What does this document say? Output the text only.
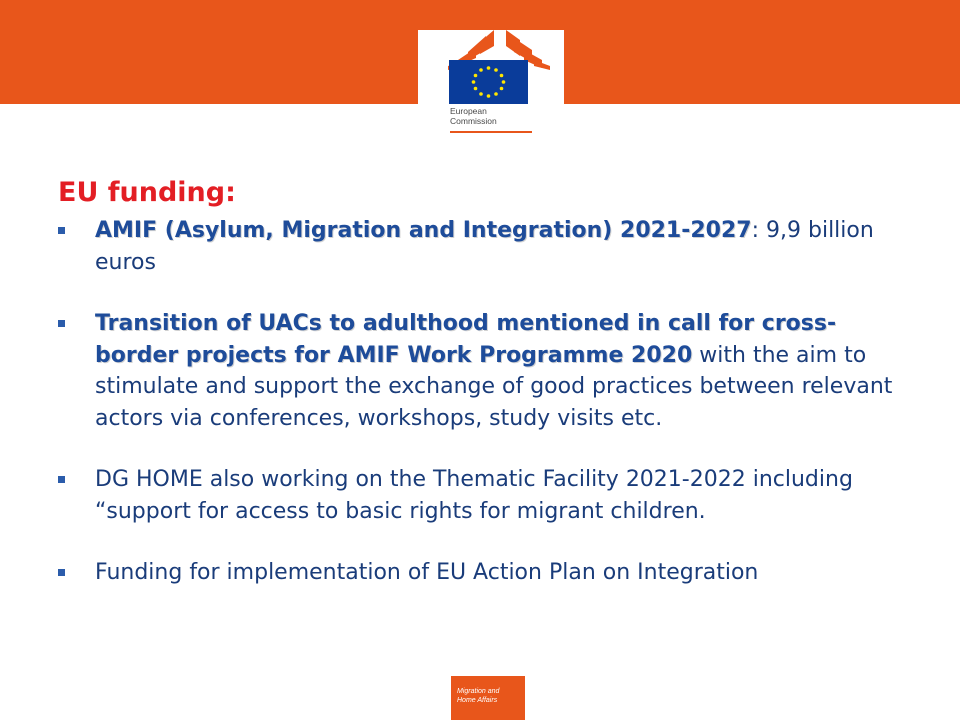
European
Commission
EU funding:
AMIF (Asylum, Migration and Integration) 2021-2027: 9,9 billion euros
Transition of UACs to adulthood mentioned in call for cross-border projects for AMIF Work Programme 2020 with the aim to stimulate and support the exchange of good practices between relevant actors via conferences, workshops, study visits etc.
DG HOME also working on the Thematic Facility 2021-2022 including “support for access to basic rights for migrant children.
Funding for implementation of EU Action Plan on Integration
Migration and
Home Affairs
